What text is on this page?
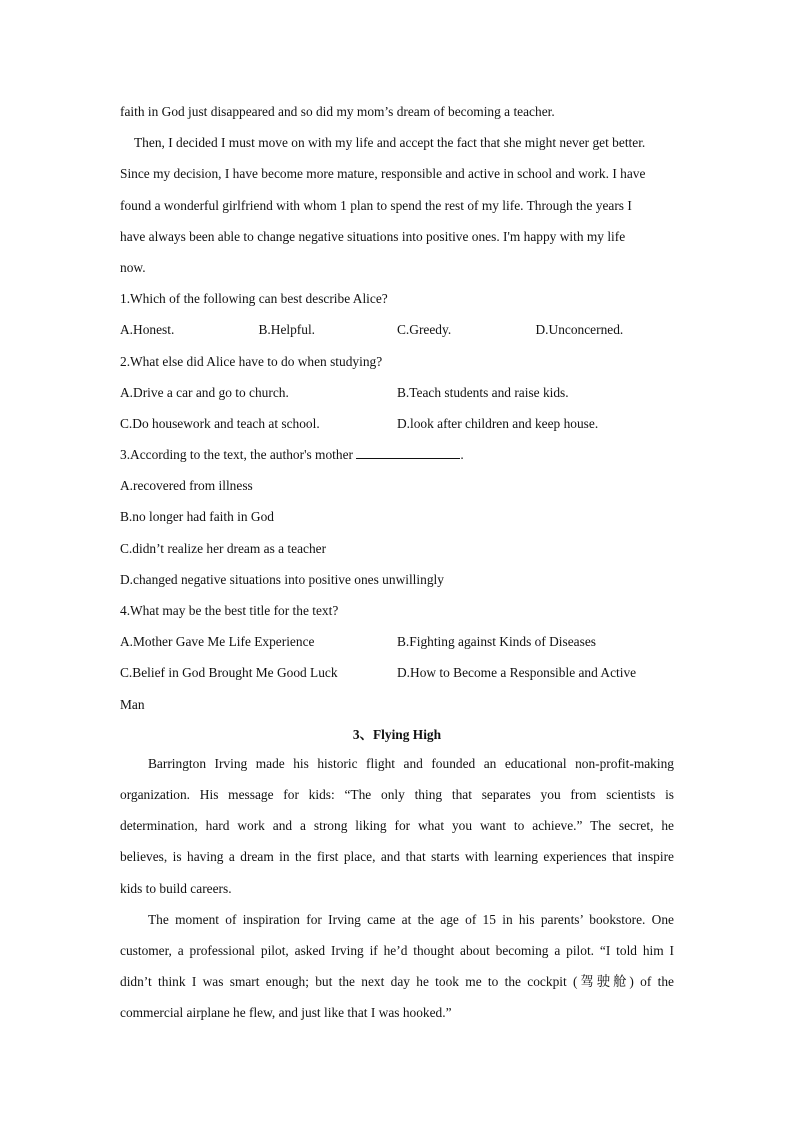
faith in God just disappeared and so did my mom’s dream of becoming a teacher.
Then, I decided I must move on with my life and accept the fact that she might never get better.
Since my decision, I have become more mature, responsible and active in school and work. I have
found a wonderful girlfriend with whom 1 plan to spend the rest of my life. Through the years I
have always been able to change negative situations into positive ones. I'm happy with my life
now.
1.Which of the following can best describe Alice?
A.Honest.	B.Helpful.	C.Greedy.	D.Unconcerned.
2.What else did Alice have to do when studying?
A.Drive a car and go to church.	B.Teach students and raise kids.
C.Do housework and teach at school.	D.look after children and keep house.
3.According to the text, the author's mother	.
A.recovered from illness
B.no longer had faith in God
C.didn’t realize her dream as a teacher
D.changed negative situations into positive ones unwillingly
4.What may be the best title for the text?
A.Mother Gave Me Life Experience	B.Fighting against Kinds of Diseases
C.Belief in God Brought Me Good Luck	D.How to Become a Responsible and Active
Man
3、Flying High
Barrington Irving made his historic flight and founded an educational non-profit-making
organization. His message for kids: “The only thing that separates you from scientists is
determination, hard work and a strong liking for what you want to achieve.” The secret, he
believes, is having a dream in the first place, and that starts with learning experiences that inspire
kids to build careers.
The moment of inspiration for Irving came at the age of 15 in his parents’ bookstore. One
customer, a professional pilot, asked Irving if he’d thought about becoming a pilot. “I told him I
didn’t think I was smart enough; but the next day he took me to the cockpit (驾驶舱) of the
commercial airplane he flew, and just like that I was hooked.”
